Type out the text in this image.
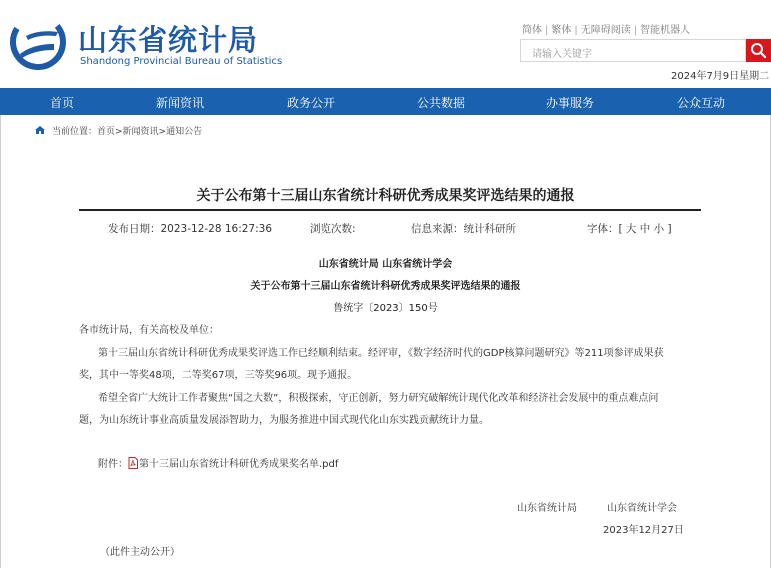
山东省统计局
Shandong Provincial Bureau of Statistics
简体 | 繁体 | 无障碍阅读 | 智能机器人
请输入关键字
2024年7月9日星期二
首页	新闻资讯	政务公开	公共数据	办事服务	公众互动
当前位置：首页>新闻资讯>通知公告
关于公布第十三届山东省统计科研优秀成果奖评选结果的通报
发布日期：2023-12-28 16:27:36	浏览次数:	信息来源：统计科研所	字体：[ 大 中 小 ]
山东省统计局 山东省统计学会
关于公布第十三届山东省统计科研优秀成果奖评选结果的通报
鲁统字〔2023〕150号
各市统计局，有关高校及单位：
第十三届山东省统计科研优秀成果奖评选工作已经顺利结束。经评审，《数字经济时代的GDP核算问题研究》等211项参评成果获
奖，其中一等奖48项，二等奖67项，三等奖96项。现予通报。
希望全省广大统计工作者聚焦“国之大数”，积极探索，守正创新，努力研究破解统计现代化改革和经济社会发展中的重点难点问
题，为山东统计事业高质量发展添智助力，为服务推进中国式现代化山东实践贡献统计力量。
附件： 第十三届山东省统计科研优秀成果奖名单.pdf
山东省统计局	山东省统计学会
2023年12月27日
（此件主动公开）
